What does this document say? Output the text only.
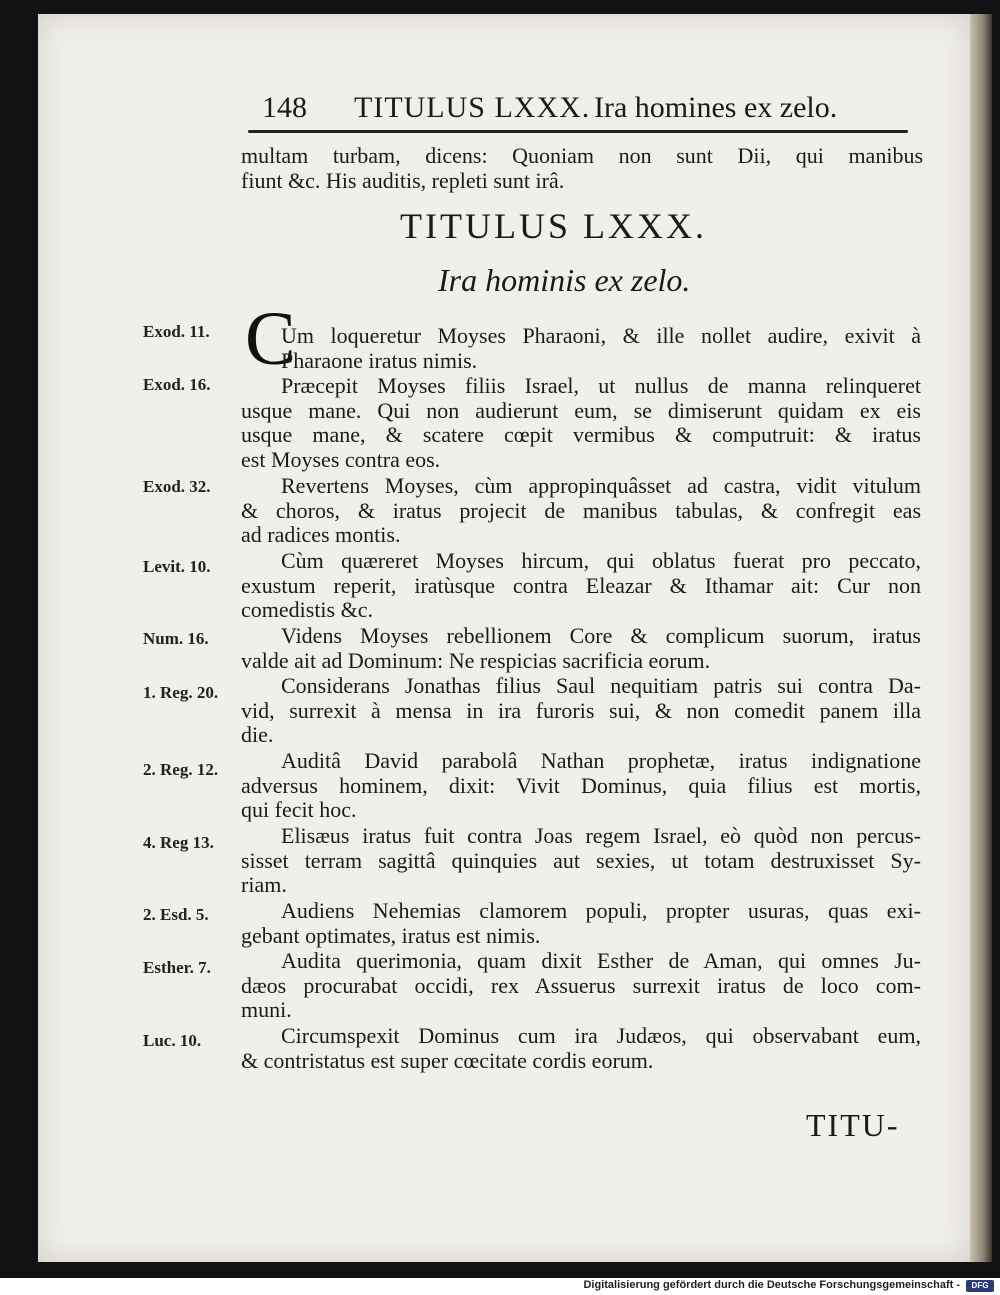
148 TITULUS LXXX. Ira homines ex zelo.
multam turbam, dicens: Quoniam non sunt Dii, qui manibus
fiunt &c. His auditis, repleti sunt irâ.
TITULUS LXXX.
Ira hominis ex zelo.
C
Exod. 11.	Um loqueretur Moyses Pharaoni, & ille nollet audire, exivit à
Pharaone iratus nimis.
Exod. 16.	Præcepit Moyses filiis Israel, ut nullus de manna relinqueret
usque mane. Qui non audierunt eum, se dimiserunt quidam ex eis
usque mane, & scatere cœpit vermibus & computruit: & iratus
est Moyses contra eos.
Exod. 32.	Revertens Moyses, cùm appropinquâsset ad castra, vidit vitulum
& choros, & iratus projecit de manibus tabulas, & confregit eas
ad radices montis.
Levit. 10.	Cùm quæreret Moyses hircum, qui oblatus fuerat pro peccato,
exustum reperit, iratùsque contra Eleazar & Ithamar ait: Cur non
comedistis &c.
Num. 16.	Videns Moyses rebellionem Core & complicum suorum, iratus
valde ait ad Dominum: Ne respicias sacrificia eorum.
1. Reg. 20.	Considerans Jonathas filius Saul nequitiam patris sui contra Da-
vid, surrexit à mensa in ira furoris sui, & non comedit panem illa
die.
2. Reg. 12.	Auditâ David parabolâ Nathan prophetæ, iratus indignatione
adversus hominem, dixit: Vivit Dominus, quia filius est mortis,
qui fecit hoc.
4. Reg 13.	Elisæus iratus fuit contra Joas regem Israel, eò quòd non percus-
sisset terram sagittâ quinquies aut sexies, ut totam destruxisset Sy-
riam.
2. Esd. 5.	Audiens Nehemias clamorem populi, propter usuras, quas exi-
gebant optimates, iratus est nimis.
Esther. 7.	Audita querimonia, quam dixit Esther de Aman, qui omnes Ju-
dæos procurabat occidi, rex Assuerus surrexit iratus de loco com-
muni.
Luc. 10.	Circumspexit Dominus cum ira Judæos, qui observabant eum,
& contristatus est super cœcitate cordis eorum.
TITU-
Digitalisierung gefördert durch die Deutsche Forschungsgemeinschaft -	DFG
